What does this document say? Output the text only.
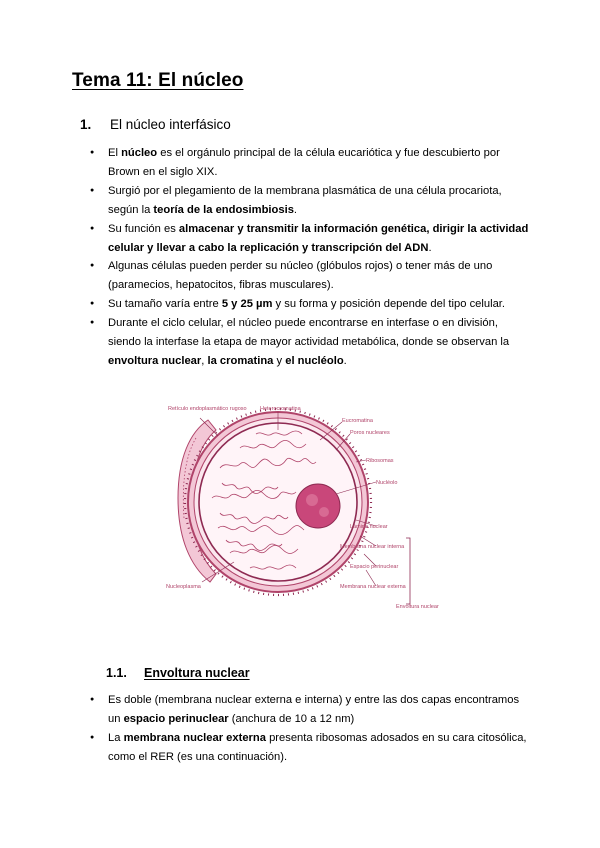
Tema 11: El núcleo
1. El núcleo interfásico
● El núcleo es el orgánulo principal de la célula eucariótica y fue descubierto por Brown en el siglo XIX.
● Surgió por el plegamiento de la membrana plasmática de una célula procariota, según la teoría de la endosimbiosis.
● Su función es almacenar y transmitir la información genética, dirigir la actividad celular y llevar a cabo la replicación y transcripción del ADN.
● Algunas células pueden perder su núcleo (glóbulos rojos) o tener más de uno (paramecios, hepatocitos, fibras musculares).
● Su tamaño varía entre 5 y 25 µm y su forma y posición depende del tipo celular.
● Durante el ciclo celular, el núcleo puede encontrarse en interfase o en división, siendo la interfase la etapa de mayor actividad metabólica, donde se observan la envoltura nuclear, la cromatina y el nucléolo.
Retículo endoplasmático rugoso Heterocromatina
Eucromatina
Poros nucleares
Ribosomas
Nucléolo
Lámina nuclear
Membrana nuclear interna
Espacio perinuclear
Membrana nuclear externa
Envoltura nuclear
Nucleoplasma
1.1. Envoltura nuclear
● Es doble (membrana nuclear externa e interna) y entre las dos capas encontramos un espacio perinuclear (anchura de 10 a 12 nm)
● La membrana nuclear externa presenta ribosomas adosados en su cara citosólica, como el RER (es una continuación).
